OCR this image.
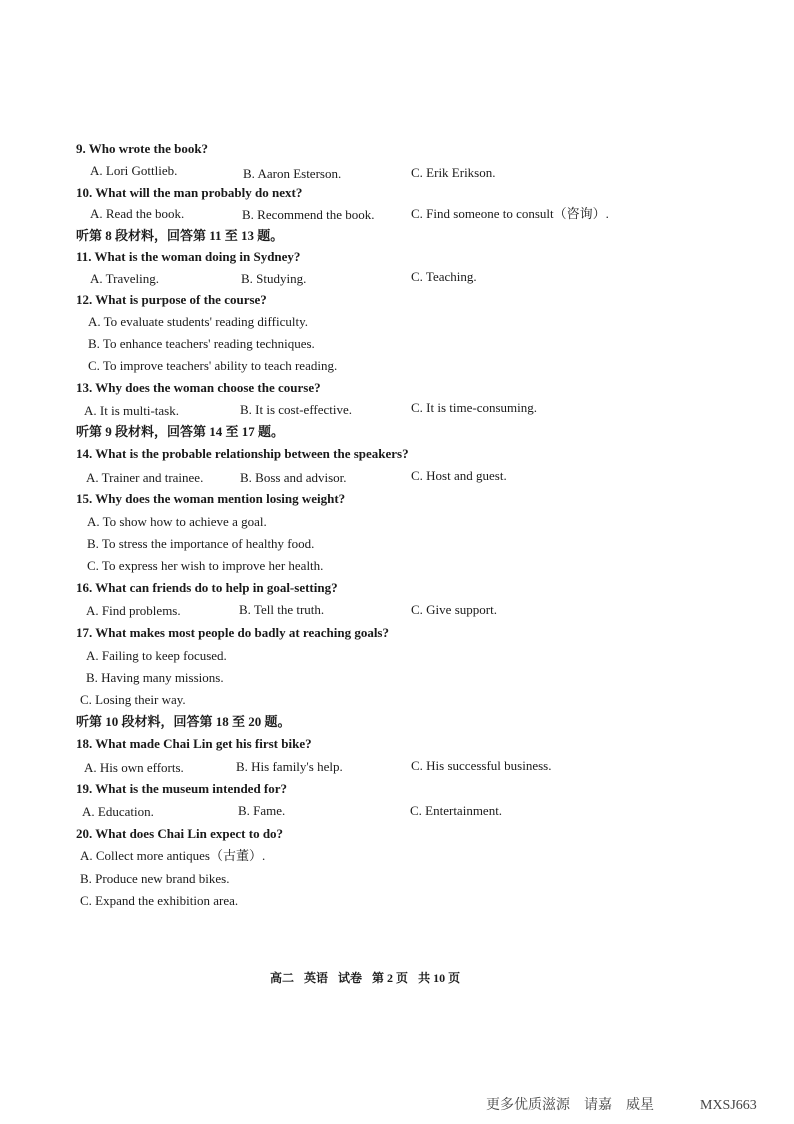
9. Who wrote the book?
A. Lori Gottlieb.	B. Aaron Esterson.	C. Erik Erikson.
10. What will the man probably do next?
A. Read the book.	B. Recommend the book.	C. Find someone to consult（咨询）.
听第 8 段材料，回答第 11 至 13 题。
11. What is the woman doing in Sydney?
A. Traveling.	B. Studying.	C. Teaching.
12. What is purpose of the course?
A. To evaluate students' reading difficulty.
B. To enhance teachers' reading techniques.
C. To improve teachers' ability to teach reading.
13. Why does the woman choose the course?
A. It is multi-task.	B. It is cost-effective.	C. It is time-consuming.
听第 9 段材料，回答第 14 至 17 题。
14. What is the probable relationship between the speakers?
A. Trainer and trainee.	B. Boss and advisor.	C. Host and guest.
15. Why does the woman mention losing weight?
A. To show how to achieve a goal.
B. To stress the importance of healthy food.
C. To express her wish to improve her health.
16. What can friends do to help in goal-setting?
A. Find problems.	B. Tell the truth.	C. Give support.
17. What makes most people do badly at reaching goals?
A. Failing to keep focused.
B. Having many missions.
C. Losing their way.
听第 10 段材料，回答第 18 至 20 题。
18. What made Chai Lin get his first bike?
A. His own efforts.	B. His family's help.	C. His successful business.
19. What is the museum intended for?
A. Education.	B. Fame.	C. Entertainment.
20. What does Chai Lin expect to do?
A. Collect more antiques（古董）.
B. Produce new brand bikes.
C. Expand the exhibition area.
高二 英语 试卷 第 2 页 共 10 页
更多优质滋源 请嘉 威星	MXSJ663
